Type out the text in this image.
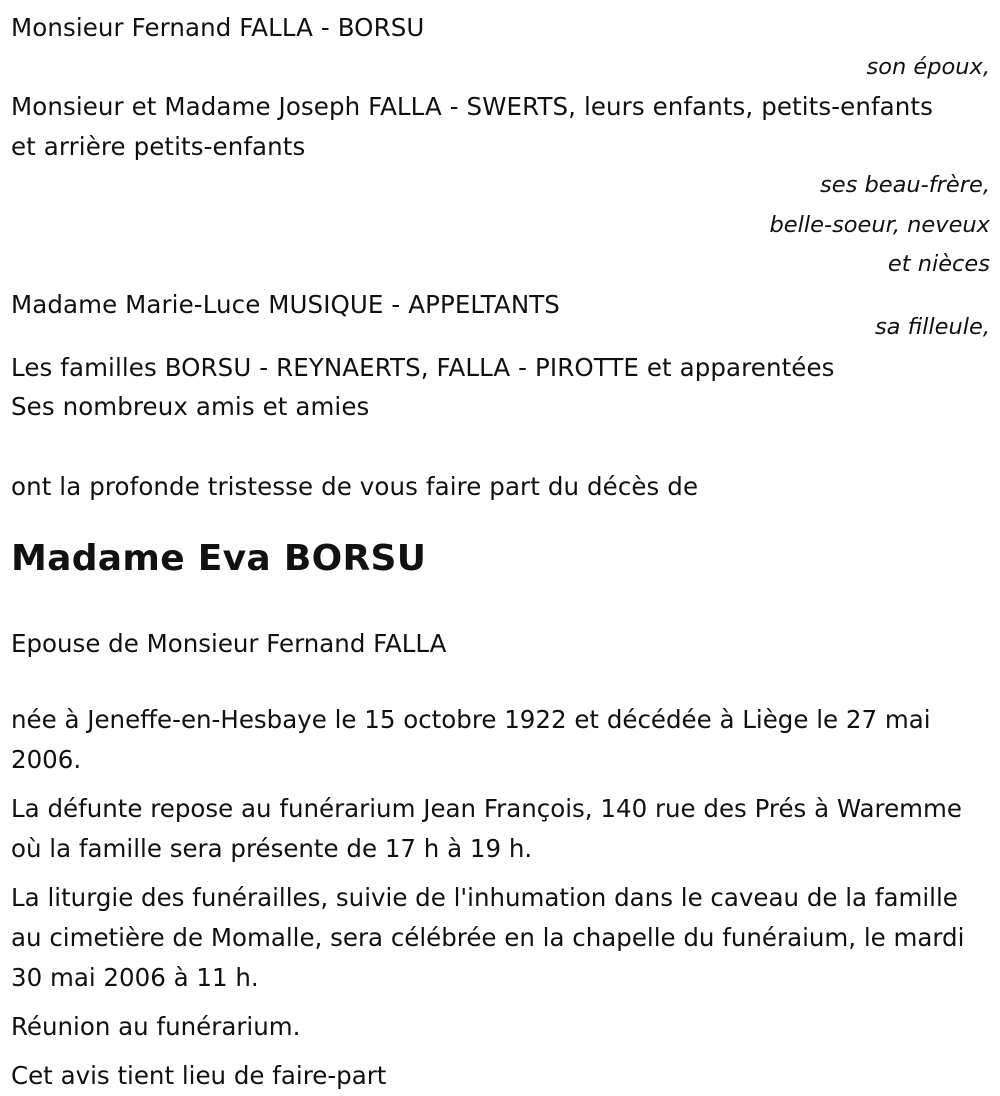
Monsieur Fernand FALLA - BORSU
son époux,
Monsieur et Madame Joseph FALLA - SWERTS, leurs enfants, petits-enfants et arrière petits-enfants
ses beau-frère,
belle-soeur, neveux
et nièces
Madame Marie-Luce MUSIQUE - APPELTANTS
sa filleule,
Les familles BORSU - REYNAERTS, FALLA - PIROTTE et apparentées
Ses nombreux amis et amies
ont la profonde tristesse de vous faire part du décès de
Madame Eva BORSU
Epouse de Monsieur Fernand FALLA
née à Jeneffe-en-Hesbaye le 15 octobre 1922 et décédée à Liège le 27 mai 2006.
La défunte repose au funérarium Jean François, 140 rue des Prés à Waremme où la famille sera présente de 17 h à 19 h.
La liturgie des funérailles, suivie de l'inhumation dans le caveau de la famille au cimetière de Momalle, sera célébrée en la chapelle du funéraium, le mardi 30 mai 2006 à 11 h.
Réunion au funérarium.
Cet avis tient lieu de faire-part
